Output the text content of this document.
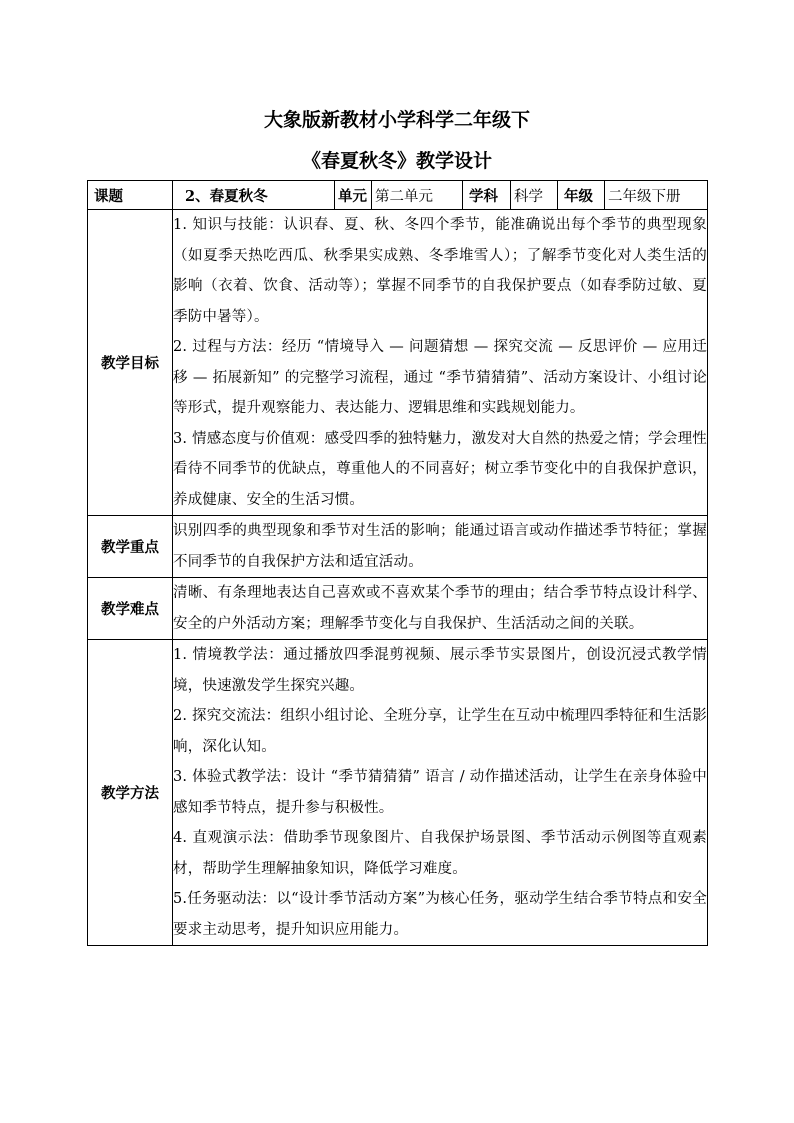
大象版新教材小学科学二年级下
《春夏秋冬》教学设计
课题	2、春夏秋冬	单元	第二单元	学科	科学	年级	二年级下册
教学目标	1. 知识与技能：认识春、夏、秋、冬四个季节，能准确说出每个季节的典型现象（如夏季天热吃西瓜、秋季果实成熟、冬季堆雪人）；了解季节变化对人类生活的影响（衣着、饮食、活动等）；掌握不同季节的自我保护要点（如春季防过敏、夏季防中暑等）。

2. 过程与方法：经历 “情境导入 — 问题猜想 — 探究交流 — 反思评价 — 应用迁移 — 拓展新知” 的完整学习流程，通过 “季节猜猜猜”、活动方案设计、小组讨论等形式，提升观察能力、表达能力、逻辑思维和实践规划能力。

3. 情感态度与价值观：感受四季的独特魅力，激发对大自然的热爱之情；学会理性看待不同季节的优缺点，尊重他人的不同喜好；树立季节变化中的自我保护意识，养成健康、安全的生活习惯。						

教学重点	识别四季的典型现象和季节对生活的影响；能通过语言或动作描述季节特征；掌握不同季节的自我保护方法和适宜活动。						

教学难点	清晰、有条理地表达自己喜欢或不喜欢某个季节的理由；结合季节特点设计科学、安全的户外活动方案；理解季节变化与自我保护、生活活动之间的关联。						

教学方法	1. 情境教学法：通过播放四季混剪视频、展示季节实景图片，创设沉浸式教学情境，快速激发学生探究兴趣。

2. 探究交流法：组织小组讨论、全班分享，让学生在互动中梳理四季特征和生活影响，深化认知。

3. 体验式教学法：设计 “季节猜猜猜” 语言 / 动作描述活动，让学生在亲身体验中感知季节特点，提升参与积极性。

4. 直观演示法：借助季节现象图片、自我保护场景图、季节活动示例图等直观素材，帮助学生理解抽象知识，降低学习难度。

5.任务驱动法：以“设计季节活动方案”为核心任务，驱动学生结合季节特点和安全要求主动思考，提升知识应用能力。						
